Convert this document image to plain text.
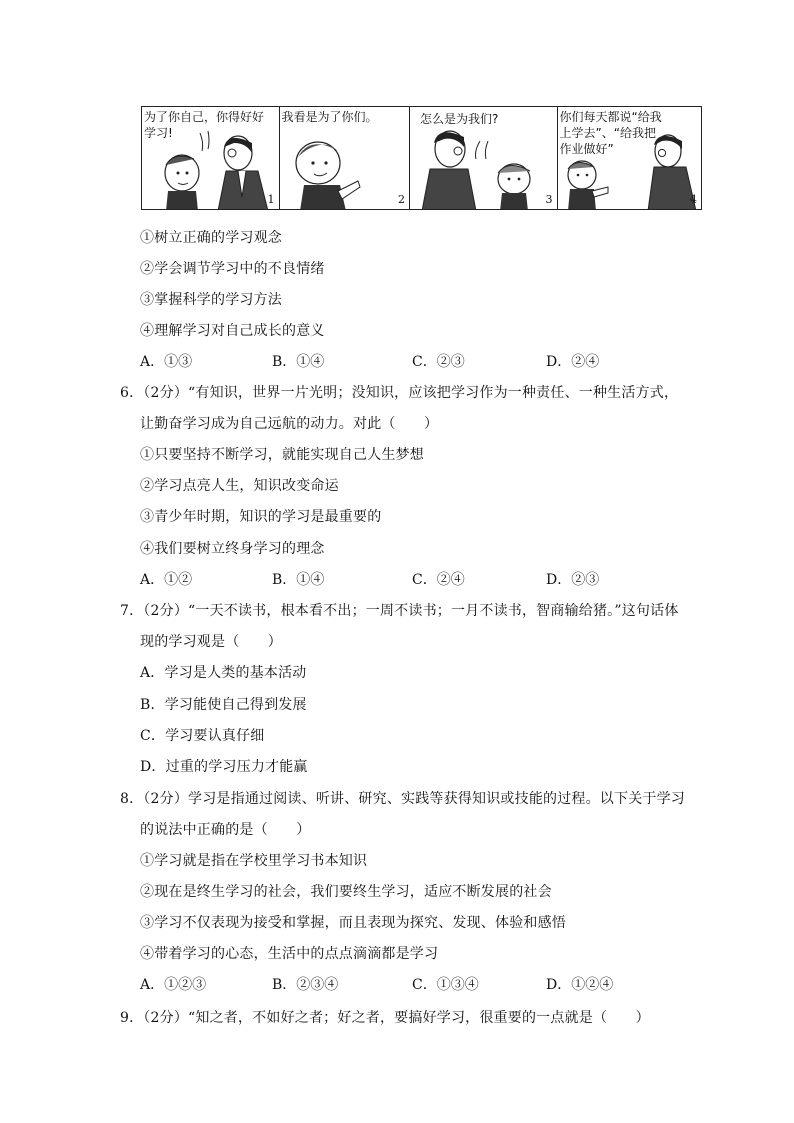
为了你自己，你得好好
学习!
1
我看是为了你们。
2
怎么是为我们?
3
你们每天都说“给我
上学去”、“给我把
作业做好”
4
①树立正确的学习观念
②学会调节学习中的不良情绪
③掌握科学的学习方法
④理解学习对自己成长的意义
A．①③	B．①④	C．②③	D．②④
6．（2分）“有知识，世界一片光明；没知识，应该把学习作为一种责任、一种生活方式，
让勤奋学习成为自己远航的动力。对此（　　）
①只要坚持不断学习，就能实现自己人生梦想
②学习点亮人生，知识改变命运
③青少年时期，知识的学习是最重要的
④我们要树立终身学习的理念
A．①②	B．①④	C．②④	D．②③
7．（2分）“一天不读书，根本看不出；一周不读书；一月不读书，智商输给猪。”这句话体
现的学习观是（　　）
A．学习是人类的基本活动
B．学习能使自己得到发展
C．学习要认真仔细
D．过重的学习压力才能赢
8．（2分）学习是指通过阅读、听讲、研究、实践等获得知识或技能的过程。以下关于学习
的说法中正确的是（　　）
①学习就是指在学校里学习书本知识
②现在是终生学习的社会，我们要终生学习，适应不断发展的社会
③学习不仅表现为接受和掌握，而且表现为探究、发现、体验和感悟
④带着学习的心态，生活中的点点滴滴都是学习
A．①②③	B．②③④	C．①③④	D．①②④
9．（2分）“知之者，不如好之者；好之者，要搞好学习，很重要的一点就是（　　）
